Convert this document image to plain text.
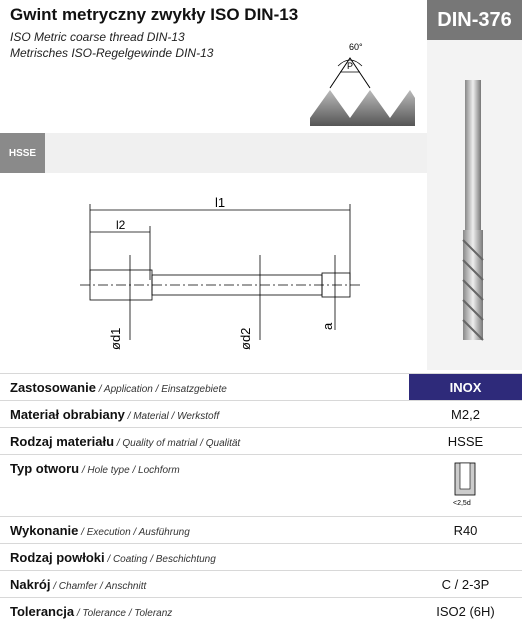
Gwint metryczny zwykły ISO DIN-13
ISO Metric coarse thread DIN-13
Metrisches ISO-Regelgewinde DIN-13
DIN-376
60°
P
HSSE
l1
l2
ød1	ød2
a
Zastosowanie / Application / Einsatzgebiete	INOX
Materiał obrabiany / Material / Werkstoff	M2,2
Rodzaj materiału / Quality of matrial / Qualität	HSSE
Typ otworu / Hole type / Lochform	<2,5d

Wykonanie / Execution / Ausführung	R40
Rodzaj powłoki / Coating / Beschichtung	
Nakrój / Chamfer / Anschnitt	C / 2-3P
Tolerancja / Tolerance / Toleranz	ISO2 (6H)
